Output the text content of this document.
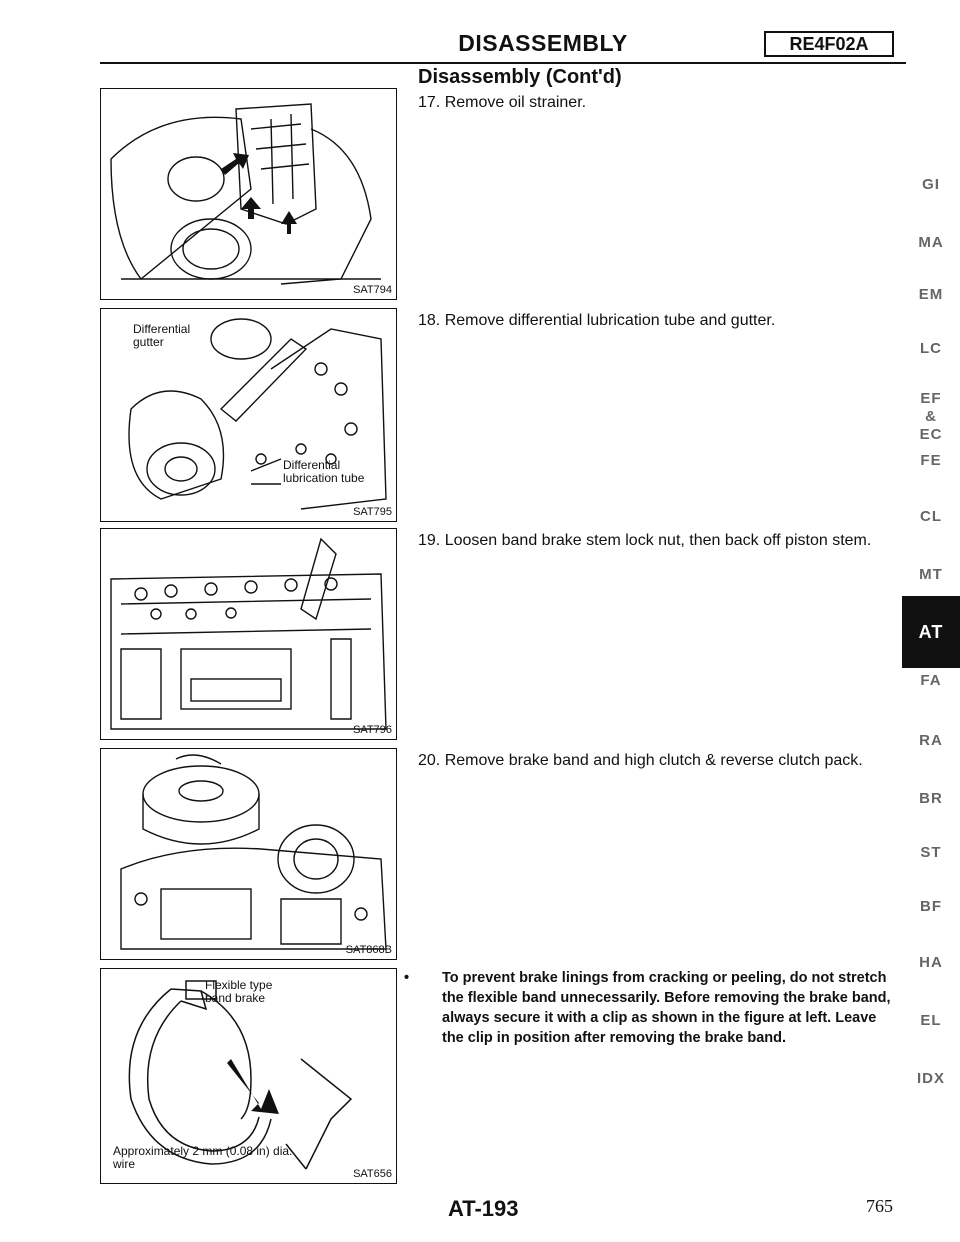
DISASSEMBLY	RE4F02A
Disassembly (Cont'd)
17. Remove oil strainer.
18. Remove differential lubrication tube and gutter.
19. Loosen band brake stem lock nut, then back off piston stem.
20. Remove brake band and high clutch & reverse clutch pack.
• To prevent brake linings from cracking or peeling, do not stretch the flexible band unnecessarily. Before removing the brake band, always secure it with a clip as shown in the figure at left. Leave the clip in position after removing the brake band.
SAT794
Differential gutter
Differential lubrication tube
SAT795
SAT796
SAT868B
Flexible type band brake
Approximately 2 mm (0.08 in) dia. wire
SAT656
GI
MA
EM
LC
EF & EC
FE
CL
MT
AT
FA
RA
BR
ST
BF
HA
EL
IDX
AT-193	765
